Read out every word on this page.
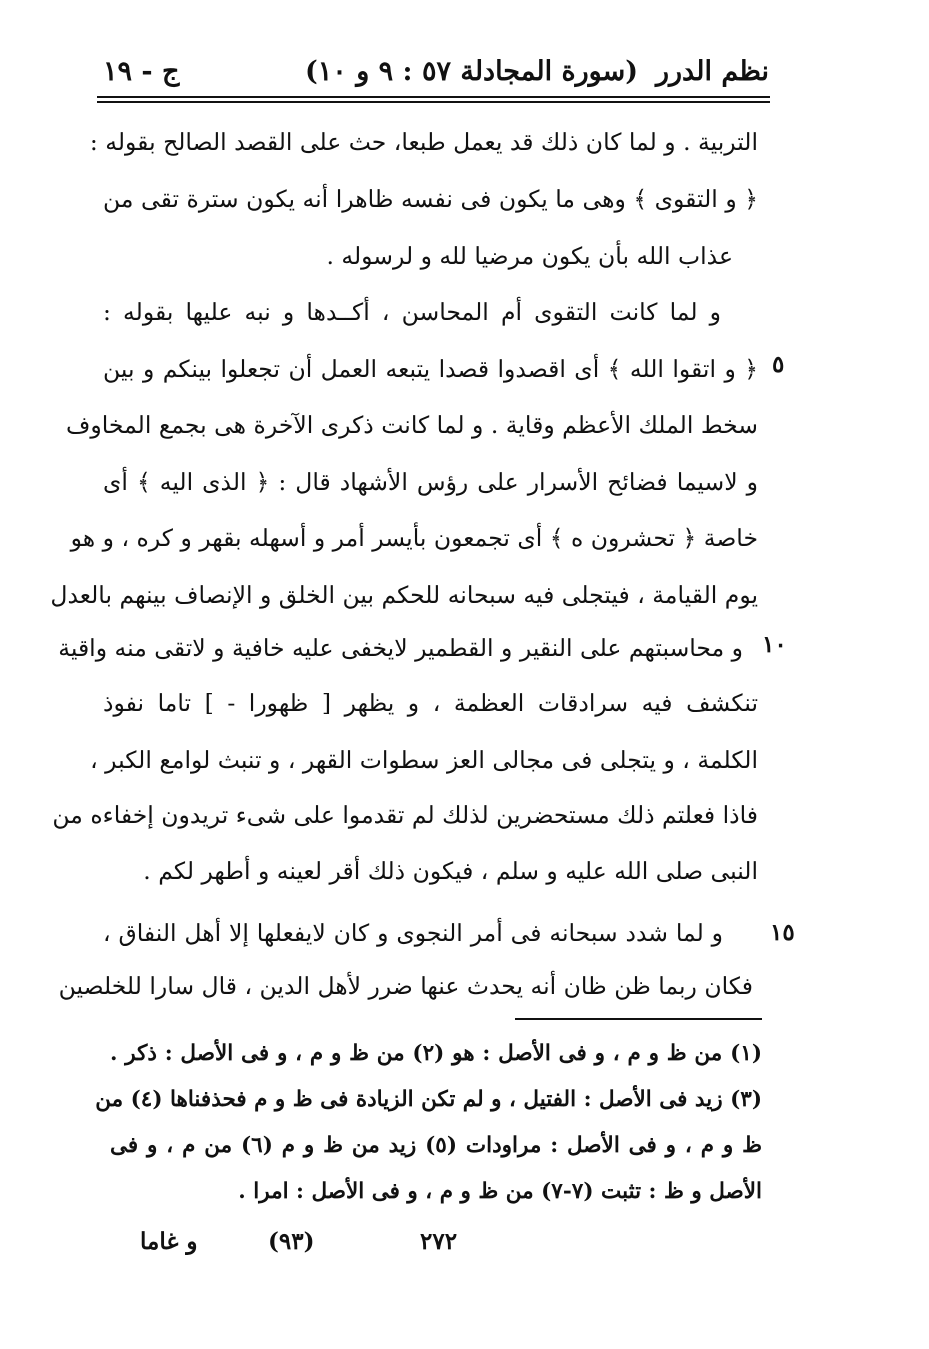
نظم الدرر
(سورة المجادلة ٥٧ : ٩ و ١٠)
ج - ١٩
٥
١٠
١٥
التربية . و لما كان ذلك قد يعمل طبعا، حث على القصد الصالح بقوله :
﴿ و التقوى ﴾ وهى ما يكون فى نفسه ظاهرا أنه يكون سترة تقى من
عذاب الله بأن يكون مرضيا لله و لرسوله .
و لما كانت التقوى أم المحاسن ، أكــدها و نبه عليها بقوله :
﴿ و اتقوا الله ﴾ أى اقصدوا قصدا يتبعه العمل أن تجعلوا بينكم و بين
سخط الملك الأعظم وقاية . و لما كانت ذكرى الآخرة هى بجمع المخاوف
و لاسيما فضائح الأسرار على رؤس الأشهاد قال : ﴿ الذى اليه ﴾ أى
خاصة ﴿ تحشرون ه ﴾ أى تجمعون بأيسر أمر و أسهله بقهر و كره ، و هو
يوم القيامة ، فيتجلى فيه سبحانه للحكم بين الخلق و الإنصاف بينهم بالعدل
و محاسبتهم على النقير و القطمير لايخفى عليه خافية و لاتقى منه واقية
تنكشف فيه سرادقات العظمة ، و يظهر [ ظهورا - ] تاما نفوذ
الكلمة ، و يتجلى فى مجالى العز سطوات القهر ، و تنبث لوامع الكبر ،
فاذا فعلتم ذلك مستحضرين لذلك لم تقدموا على شىء تريدون إخفاءه من
النبى صلى الله عليه و سلم ، فيكون ذلك أقر لعينه و أطهر لكم .
و لما شدد سبحانه فى أمر النجوى و كان لايفعلها إلا أهل النفاق ،
فكان ربما ظن ظان أنه يحدث عنها ضرر لأهل الدين ، قال سارا للخلصين
(١) من ظ و م ، و فى الأصل : هو (٢) من ظ و م ، و فى الأصل : ذكر .
(٣) زيد فى الأصل : الفتيل ، و لم تكن الزيادة فى ظ و م فحذفناها (٤) من
ظ و م ، و فى الأصل : مراودات (٥) زيد من ظ و م (٦) من م ، و فى
الأصل و ظ : تثبت (٧-٧) من ظ و م ، و فى الأصل : امرا .
٢٧٢
(٩٣)
و غاما
